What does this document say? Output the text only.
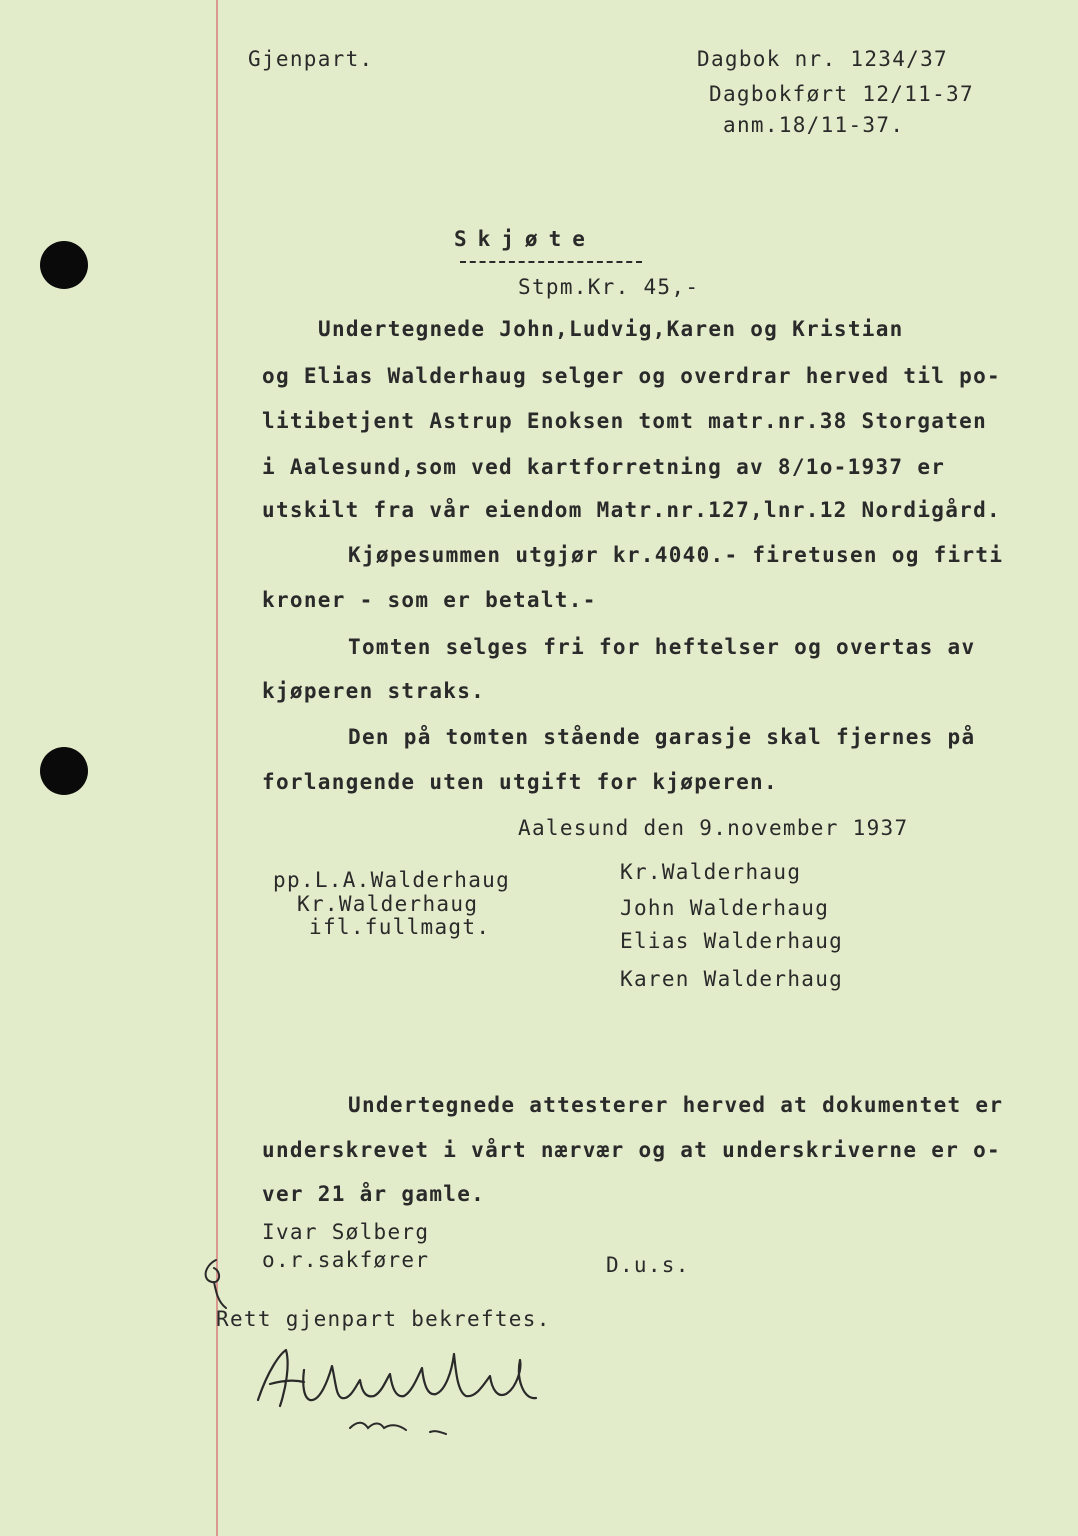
Gjenpart.	Dagbok nr. 1234/37
Dagbokført 12/11-37
anm.18/11-37.
Skjøte
Stpm.Kr. 45,-
Undertegnede John,Ludvig,Karen og Kristian
og Elias Walderhaug selger og overdrar herved til po-
litibetjent Astrup Enoksen tomt matr.nr.38 Storgaten
i Aalesund,som ved kartforretning av 8/1o-1937 er
utskilt fra vår eiendom Matr.nr.127,lnr.12 Nordigård.
Kjøpesummen utgjør kr.4040.- firetusen og firti
kroner - som er betalt.-
Tomten selges fri for heftelser og overtas av
kjøperen straks.
Den på tomten stående garasje skal fjernes på
forlangende uten utgift for kjøperen.
Aalesund den 9.november 1937
pp.L.A.Walderhaug
Kr.Walderhaug
ifl.fullmagt.
Kr.Walderhaug
John Walderhaug
Elias Walderhaug
Karen Walderhaug
Undertegnede attesterer herved at dokumentet er
underskrevet i vårt nærvær og at underskriverne er o-
ver 21 år gamle.
Ivar Sølberg
o.r.sakfører	D.u.s.
Rett gjenpart bekreftes.
